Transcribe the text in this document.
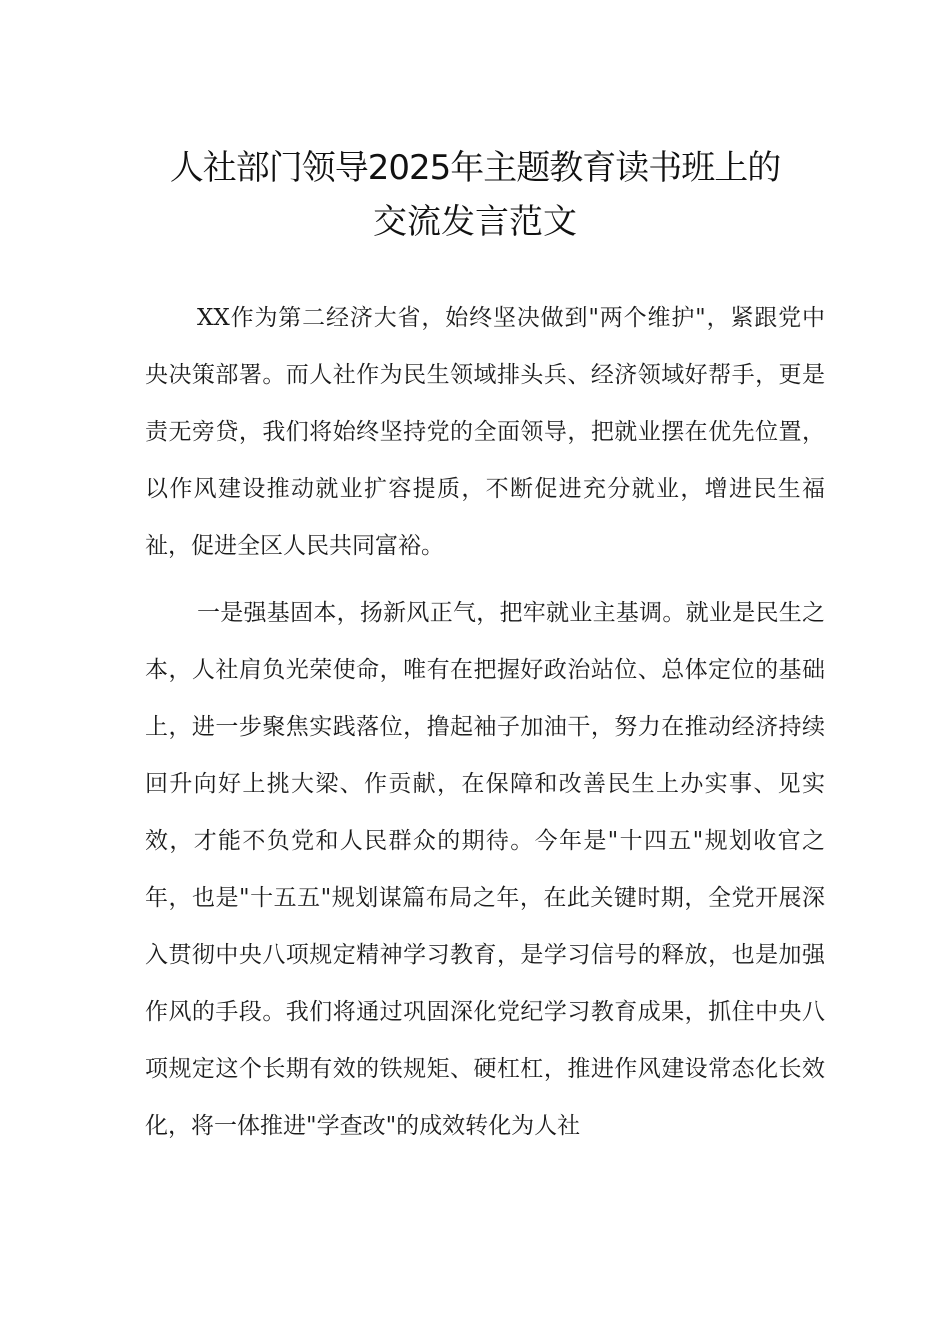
人社部门领导2025年主题教育读书班上的
交流发言范文

XX作为第二经济大省，始终坚决做到"两个维护"，紧跟党中央决策部署。而人社作为民生领域排头兵、经济领域好帮手，更是责无旁贷，我们将始终坚持党的全面领导，把就业摆在优先位置，以作风建设推动就业扩容提质，不断促进充分就业，增进民生福祉，促进全区人民共同富裕。

一是强基固本，扬新风正气，把牢就业主基调。就业是民生之本，人社肩负光荣使命，唯有在把握好政治站位、总体定位的基础上，进一步聚焦实践落位，撸起袖子加油干，努力在推动经济持续回升向好上挑大梁、作贡献，在保障和改善民生上办实事、见实效，才能不负党和人民群众的期待。今年是"十四五"规划收官之年，也是"十五五"规划谋篇布局之年，在此关键时期，全党开展深入贯彻中央八项规定精神学习教育，是学习信号的释放，也是加强作风的手段。我们将通过巩固深化党纪学习教育成果，抓住中央八项规定这个长期有效的铁规矩、硬杠杠，推进作风建设常态化长效化，将一体推进"学查改"的成效转化为人社
